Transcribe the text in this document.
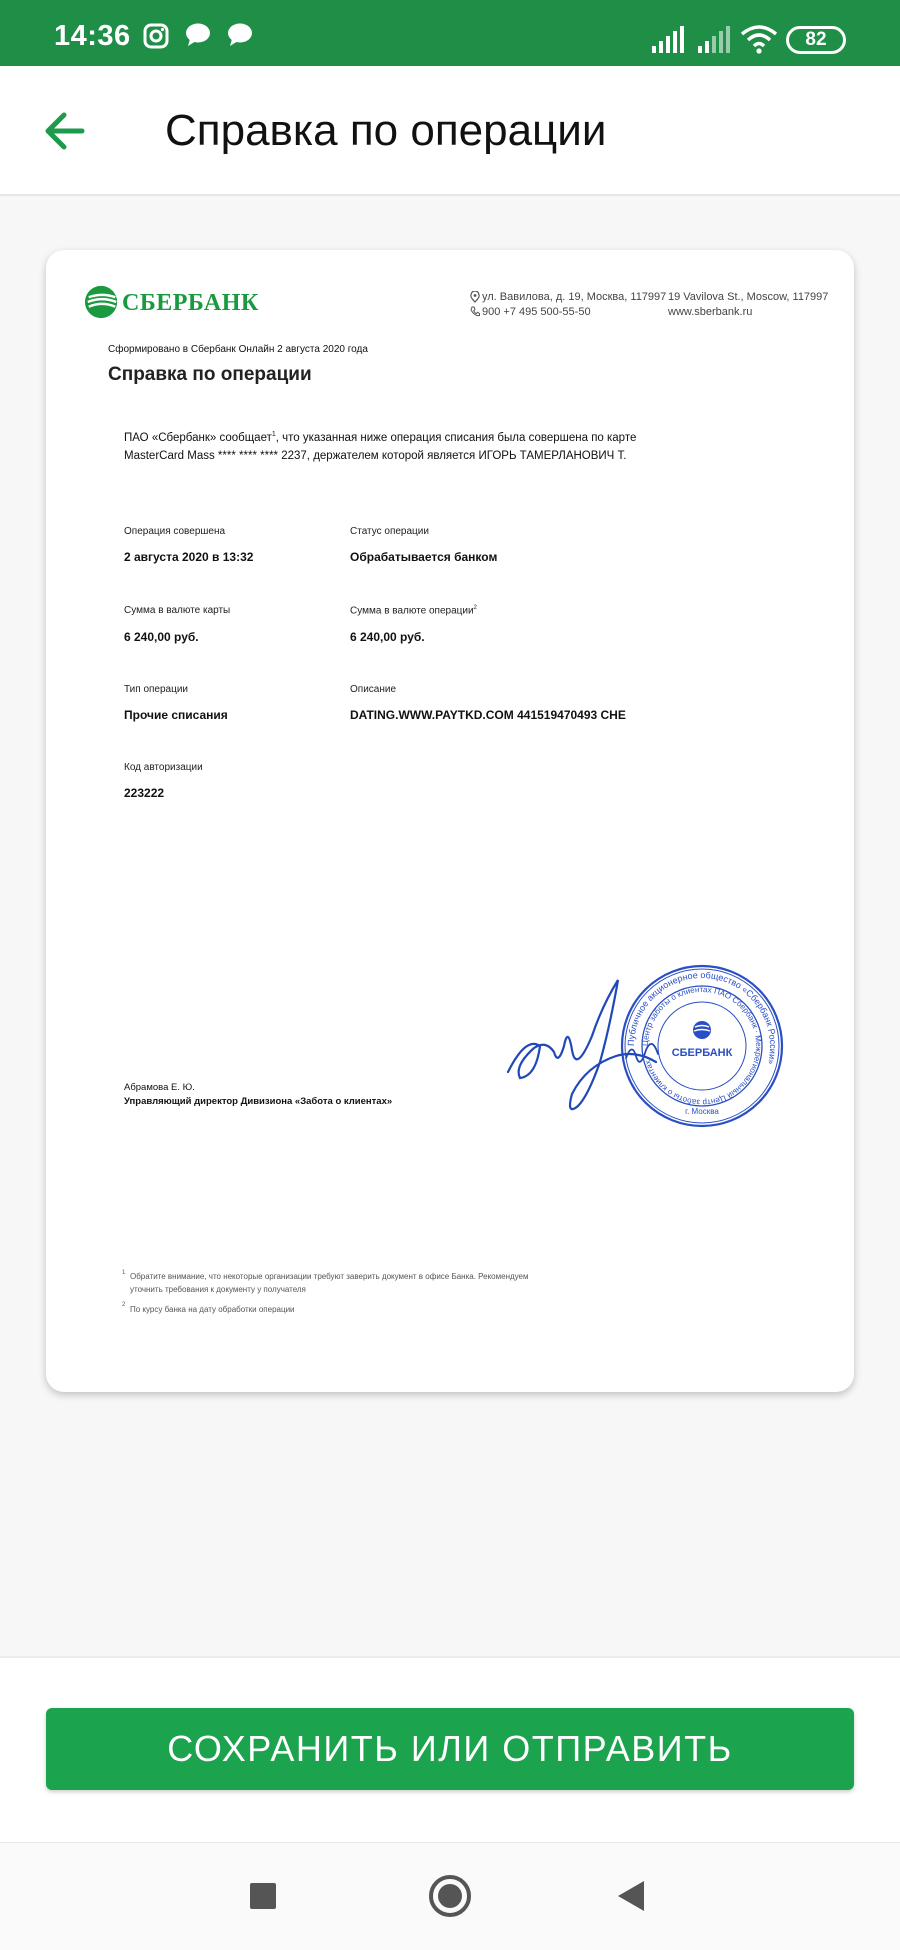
14:36	82
Справка по операции
СБЕРБАНК	ул. Вавилова, д. 19, Москва, 117997
900 +7 495 500-55-50
19 Vavilova St., Moscow, 117997
www.sberbank.ru
Сформировано в Сбербанк Онлайн 2 августа 2020 года
Справка по операции
ПАО «Сбербанк» сообщает$^1$, что указанная ниже операция списания была совершена по карте MasterCard Mass **** **** **** 2237, держателем которой является ИГОРЬ ТАМЕРЛАНОВИЧ Т.
Операция совершена
2 августа 2020 в 13:32
Статус операции
Обрабатывается банком
Сумма в валюте карты
6 240,00 руб.
Сумма в валюте операции$^2$
6 240,00 руб.
Тип операции
Прочие списания
Описание
DATING.WWW.PAYTKD.COM 441519470493 CHE
Код авторизации
223222
Публичное акционерное общество «Сбербанк России»
Центр заботы о клиентах ПАО Сбербанк · Межрегиональный Центр заботы о клиентах
СБЕРБАНК
г. Москва
Абрамова Е. Ю.
Управляющий директор Дивизиона «Забота о клиентах»
1 Обратите внимание, что некоторые организации требуют заверить документ в офисе Банка. Рекомендуем
уточнить требования к документу у получателя
2 По курсу банка на дату обработки операции
СОХРАНИТЬ ИЛИ ОТПРАВИТЬ
